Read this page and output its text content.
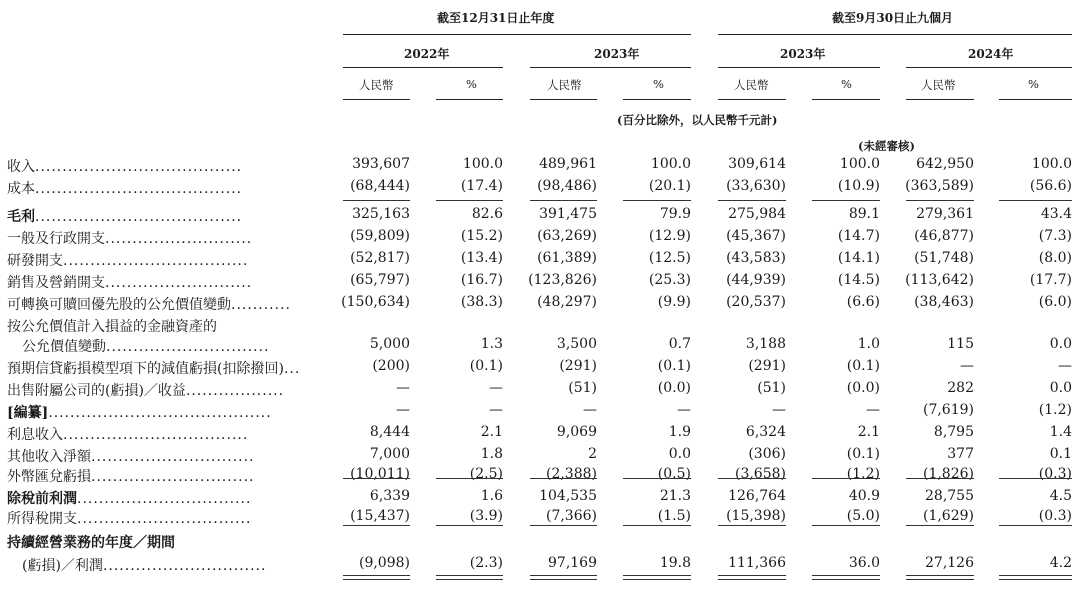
截至12月31日止年度	截至9月30日止九個月
2022年	2023年	2023年	2024年
人民幣	%	人民幣	%	人民幣	%	人民幣	%
(百分比除外，以人民幣千元計)
(未經審核)
收入......................................	393,607	100.0	489,961	100.0	309,614	100.0	642,950	100.0
成本......................................	(68,444)	(17.4) (98,486)	(20.1)	(33,630)	(10.9) (363,589)	(56.6)
毛利......................................	325,163	82.6	391,475	79.9	275,984	89.1	279,361	43.4
一般及行政開支...........................	(59,809)	(15.2) (63,269)	(12.9)	(45,367)	(14.7) (46,877)	(7.3)
研發開支..................................	(52,817)	(13.4) (61,389)	(12.5)	(43,583)	(14.1) (51,748)	(8.0)
銷售及營銷開支...........................	(65,797)	(16.7) (123,826)	(25.3)	(44,939)	(14.5) (113,642)	(17.7)
可轉換可贖回優先股的公允價值變動...........	(150,634)	(38.3) (48,297)	(9.9)	(20,537)	(6.6) (38,463)	(6.0)
按公允價值計入損益的金融資產的
公允價值變動..............................	5,000	1.3	3,500	0.7	3,188	1.0	115	0.0
預期信貸虧損模型項下的減值虧損(扣除撥回)...	(200)	(0.1)	(291)	(0.1)	(291)	(0.1)	—	—
出售附屬公司的(虧損)／收益..................	—	—	(51)	(0.0)	(51)	(0.0)	282	0.0
[編纂].........................................	—	—	—	—	—	—	(7,619)	(1.2)
利息收入..................................	8,444	2.1	9,069	1.9	6,324	2.1	8,795	1.4
其他收入淨額..............................	7,000	1.8	2	0.0	(306)	(0.1)	377	0.1
外幣匯兌虧損..............................	(10,011)	(2.5)	(2,388)	(0.5)	(3,658)	(1.2)	(1,826)	(0.3)
除稅前利潤................................	6,339	1.6	104,535	21.3	126,764	40.9	28,755	4.5
所得稅開支................................	(15,437)	(3.9)	(7,366)	(1.5)	(15,398)	(5.0)	(1,629)	(0.3)
持續經營業務的年度／期間
(虧損)／利潤..............................	(9,098)	(2.3)	97,169	19.8	111,366	36.0	27,126	4.2
